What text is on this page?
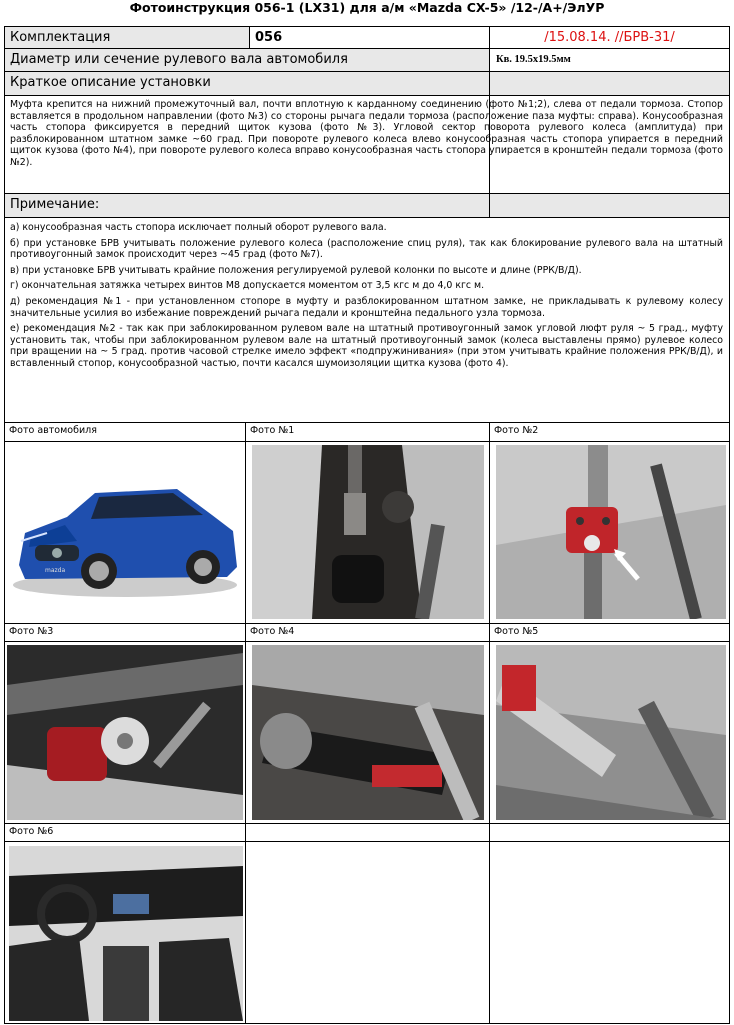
Фотоинструкция 056-1 (LX31) для а/м «Mazda CX-5» /12-/А+/ЭлУР
Комплектация	056	/15.08.14. //БРВ-31/
Диаметр или сечение рулевого вала автомобиля	Кв. 19.5х19.5мм
Краткое описание установки
Муфта крепится на нижний промежуточный вал, почти вплотную к карданному соединению (фото №1;2), слева от педали тормоза. Стопор вставляется в продольном направлении (фото №3) со стороны рычага педали тормоза (расположение паза муфты: справа). Конусообразная часть стопора фиксируется в передний щиток кузова (фото №3). Угловой сектор поворота рулевого колеса (амплитуда) при разблокированном штатном замке ~60 град. При повороте рулевого колеса влево конусообразная часть стопора упирается в передний щиток кузова (фото №4), при повороте рулевого колеса вправо конусообразная часть стопора упирается в кронштейн педали тормоза (фото №2).
Примечание:
а) конусообразная часть стопора исключает полный оборот рулевого вала.
б) при установке БРВ учитывать положение рулевого колеса (расположение спиц руля), так как блокирование рулевого вала на штатный противоугонный замок происходит через ~45 град (фото №7).
в) при установке БРВ учитывать крайние положения регулируемой рулевой колонки по высоте и длине (РРК/В/Д).
г) окончательная затяжка четырех винтов М8 допускается моментом от 3,5 кгс м до 4,0 кгс м.
д) рекомендация №1 - при установленном стопоре в муфту и разблокированном штатном замке, не прикладывать к рулевому колесу значительные усилия во избежание повреждений рычага педали и кронштейна педального узла тормоза.
е) рекомендация №2 - так как при заблокированном рулевом вале на штатный противоугонный замок угловой люфт руля ~ 5 град., муфту установить так, чтобы при заблокированном рулевом вале на штатный противоугонный замок (колеса выставлены прямо) рулевое колесо при вращении на ~ 5 град. против часовой стрелке имело эффект «подпружинивания» (при этом учитывать крайние положения РРК/В/Д), и вставленный стопор, конусообразной частью, почти касался шумоизоляции щитка кузова (фото 4).
Фото автомобиля	Фото №1	Фото №2
mazda
Фото №3	Фото №4	Фото №5
Фото №6
